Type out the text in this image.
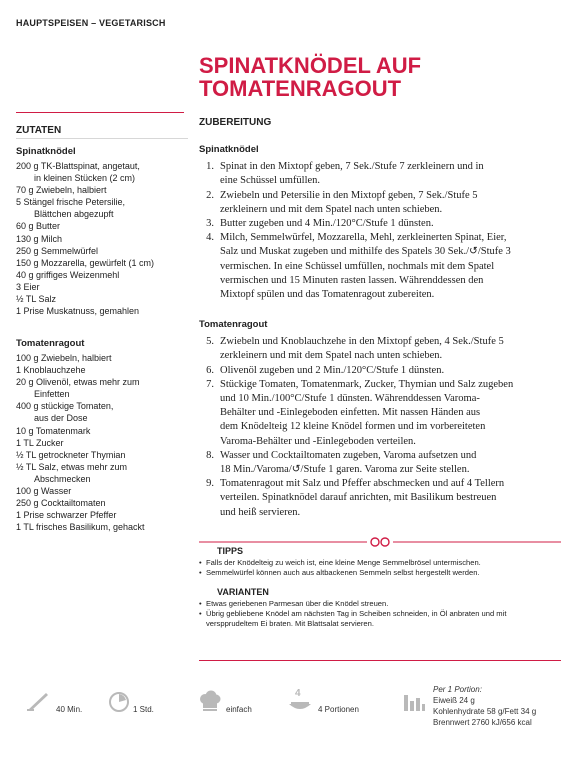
HAUPTSPEISEN – VEGETARISCH
SPINATKNÖDEL AUF
TOMATENRAGOUT
ZUTATEN
Spinatknödel
200 g TK-Blattspinat, angetaut,
in kleinen Stücken (2 cm)
70 g Zwiebeln, halbiert
5 Stängel frische Petersilie,
Blättchen abgezupft
60 g Butter
130 g Milch
250 g Semmelwürfel
150 g Mozzarella, gewürfelt (1 cm)
40 g griffiges Weizenmehl
3 Eier
½ TL Salz
1 Prise Muskatnuss, gemahlen
Tomatenragout
100 g Zwiebeln, halbiert
1 Knoblauchzehe
20 g Olivenöl, etwas mehr zum
Einfetten
400 g stückige Tomaten,
aus der Dose
10 g Tomatenmark
1 TL Zucker
½ TL getrockneter Thymian
½ TL Salz, etwas mehr zum
Abschmecken
100 g Wasser
250 g Cocktailtomaten
1 Prise schwarzer Pfeffer
1 TL frisches Basilikum, gehackt
ZUBEREITUNG
Spinatknödel
1. Spinat in den Mixtopf geben, 7 Sek./Stufe 7 zerkleinern und in
eine Schüssel umfüllen.
2. Zwiebeln und Petersilie in den Mixtopf geben, 7 Sek./Stufe 5
zerkleinern und mit dem Spatel nach unten schieben.
3. Butter zugeben und 4 Min./120°C/Stufe 1 dünsten.
4. Milch, Semmelwürfel, Mozzarella, Mehl, zerkleinerten Spinat, Eier,
Salz und Muskat zugeben und mithilfe des Spatels 30 Sek./↺/Stufe 3
vermischen. In eine Schüssel umfüllen, nochmals mit dem Spatel
vermischen und 15 Minuten rasten lassen. Währenddessen den
Mixtopf spülen und das Tomatenragout zubereiten.
Tomatenragout
5. Zwiebeln und Knoblauchzehe in den Mixtopf geben, 4 Sek./Stufe 5
zerkleinern und mit dem Spatel nach unten schieben.
6. Olivenöl zugeben und 2 Min./120°C/Stufe 1 dünsten.
7. Stückige Tomaten, Tomatenmark, Zucker, Thymian und Salz zugeben
und 10 Min./100°C/Stufe 1 dünsten. Währenddessen Varoma-
Behälter und -Einlegeboden einfetten. Mit nassen Händen aus
dem Knödelteig 12 kleine Knödel formen und im vorbereiteten
Varoma-Behälter und -Einlegeboden verteilen.
8. Wasser und Cocktailtomaten zugeben, Varoma aufsetzen und
18 Min./Varoma/↺/Stufe 1 garen. Varoma zur Seite stellen.
9. Tomatenragout mit Salz und Pfeffer abschmecken und auf 4 Tellern
verteilen. Spinatknödel darauf anrichten, mit Basilikum bestreuen
und heiß servieren.
TIPPS
• Falls der Knödelteig zu weich ist, eine kleine Menge Semmelbrösel untermischen.
• Semmelwürfel können auch aus altbackenen Semmeln selbst hergestellt werden.
VARIANTEN
• Etwas geriebenen Parmesan über die Knödel streuen.
• Übrig gebliebene Knödel am nächsten Tag in Scheiben schneiden, in Öl anbraten und mit verspprudeltem Ei braten. Mit Blattsalat servieren.
40 Min.	1 Std.	einfach
4
4 Portionen
Per 1 Portion:
Eiweiß 24 g
Kohlenhydrate 58 g/Fett 34 g
Brennwert 2760 kJ/656 kcal
